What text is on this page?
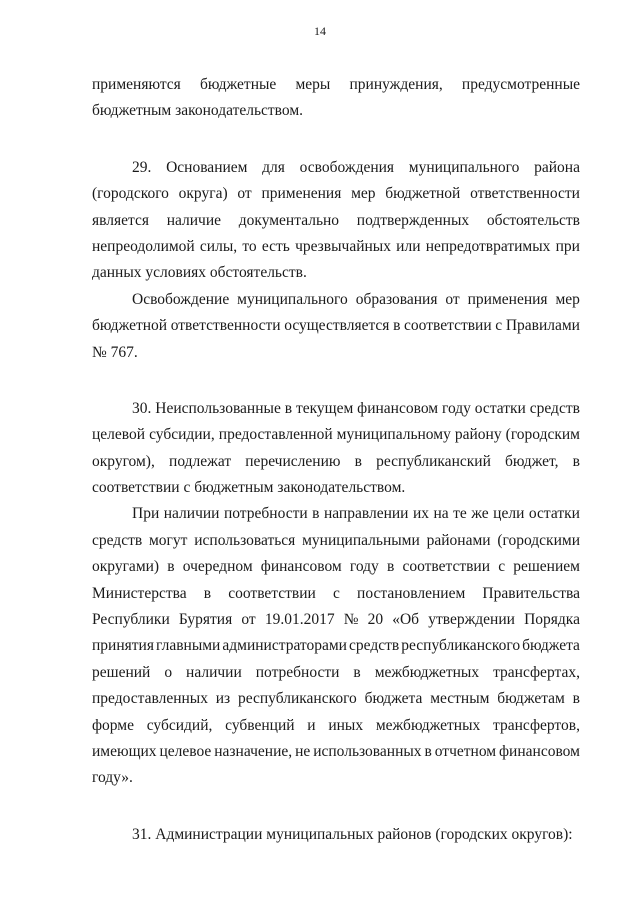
14
применяются бюджетные меры принуждения, предусмотренные
бюджетным законодательством.
29. Основанием для освобождения муниципального района
(городского округа) от применения мер бюджетной ответственности
является наличие документально подтвержденных обстоятельств
непреодолимой силы, то есть чрезвычайных или непредотвратимых при
данных условиях обстоятельств.
Освобождение муниципального образования от применения мер
бюджетной ответственности осуществляется в соответствии с Правилами
№ 767.
30. Неиспользованные в текущем финансовом году остатки средств
целевой субсидии, предоставленной муниципальному району (городским
округом), подлежат перечислению в республиканский бюджет, в
соответствии с бюджетным законодательством.
При наличии потребности в направлении их на те же цели остатки
средств могут использоваться муниципальными районами (городскими
округами) в очередном финансовом году в соответствии с решением
Министерства в соответствии с постановлением Правительства
Республики Бурятия от 19.01.2017 № 20 «Об утверждении Порядка
принятия главными администраторами средств республиканского бюджета
решений о наличии потребности в межбюджетных трансфертах,
предоставленных из республиканского бюджета местным бюджетам в
форме субсидий, субвенций и иных межбюджетных трансфертов,
имеющих целевое назначение, не использованных в отчетном финансовом
году».
31. Администрации муниципальных районов (городских округов):
